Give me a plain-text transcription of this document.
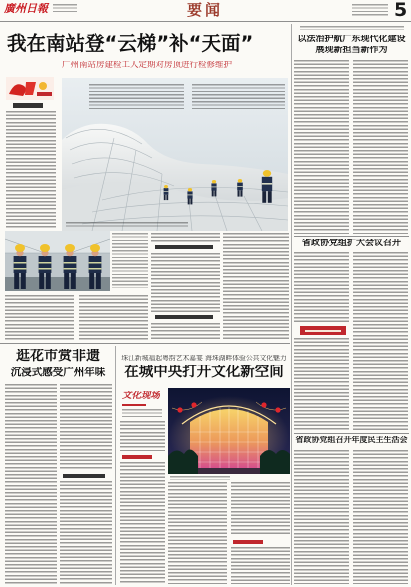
廣州日報	要闻	5
我在南站登“云梯”补“天面”
广州南站房建检工人定期对房顶进行检修维护
以法治护航广东现代化建设
展现新担当新作为
省政协党组扩大会议召开
省政协党组召开年度民主生活会
逛花市赏非遗
沉浸式感受广州年味
珠江新城福起粤韵艺术嘉宴 海珠湖畔体验公共文化魅力
在城中央打开文化新空间
文化现场
